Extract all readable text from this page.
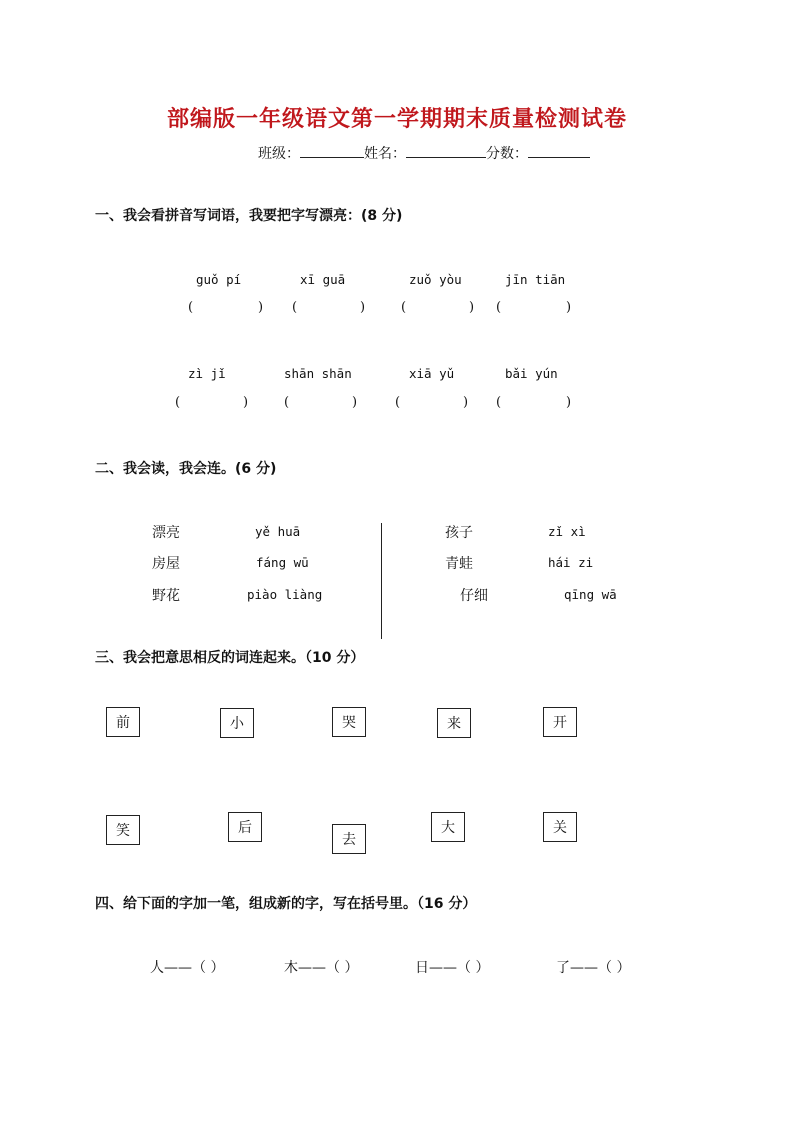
部编版一年级语文第一学期期末质量检测试卷
班级：	姓名：	分数：
一、我会看拼音写词语，我要把字写漂亮：(8 分)
guǒ pí	xī guā	zuǒ yòu	jīn tiān
(	) (	)	(	) (	)
zì jǐ	shān shān	xiā yǔ	bǎi yún
(	)	(	)	(	) (	)
二、我会读，我会连。(6 分)
漂亮
房屋
野花
yě huā
fáng wū
piào liàng
孩子
青蛙
仔细
zǐ xì
hái zi
qīng wā
三、我会把意思相反的词连起来。（10 分）
前	小	哭	来	开
笑	后
去
大	关
四、给下面的字加一笔，组成新的字，写在括号里。（16 分）
人——（ ）	木——（ ）	日——（ ）	了——（ ）
